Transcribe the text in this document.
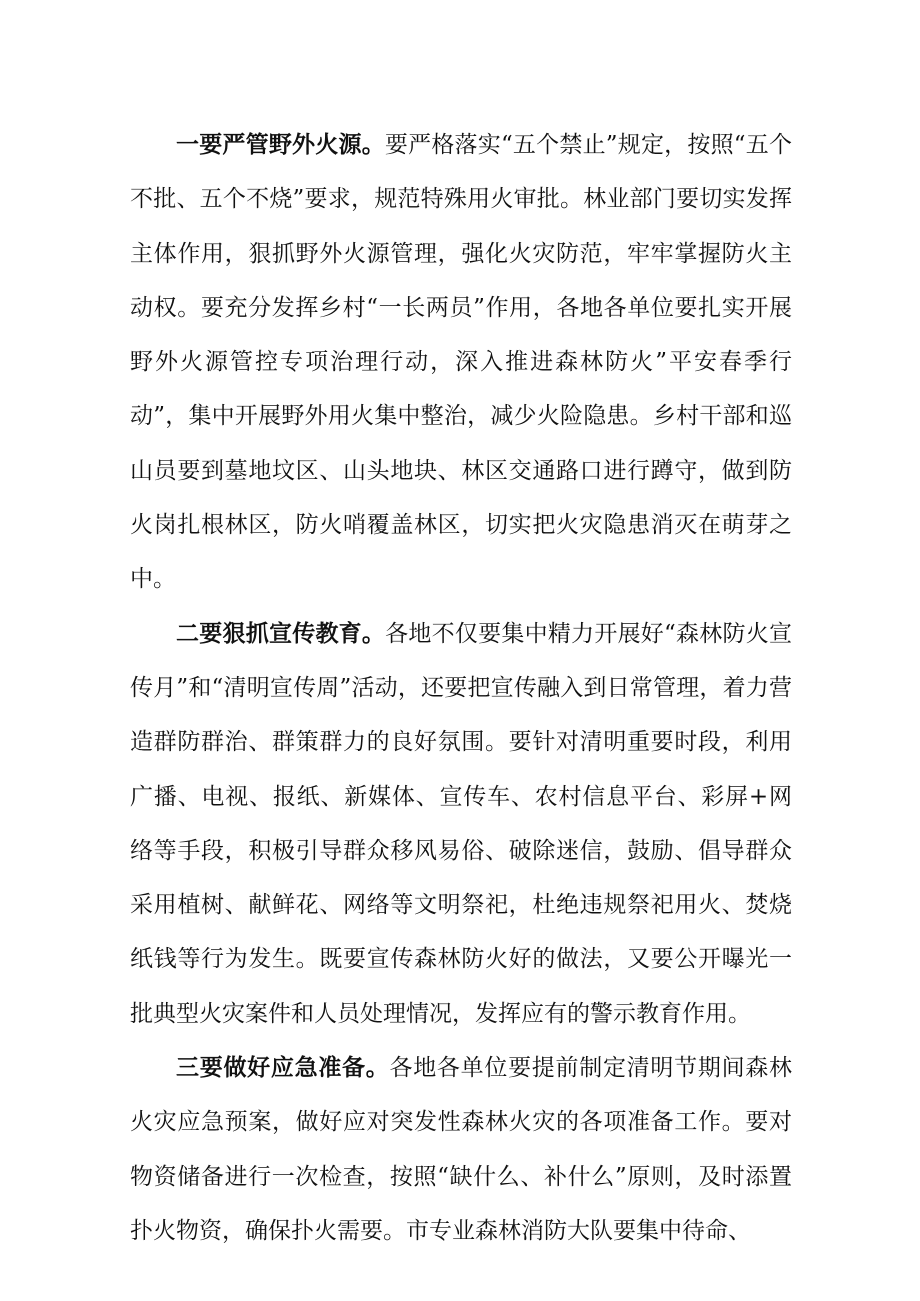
一要严管野外火源。要严格落实“五个禁止”规定，按照“五个不批、五个不烧”要求，规范特殊用火审批。林业部门要切实发挥主体作用，狠抓野外火源管理，强化火灾防范，牢牢掌握防火主动权。要充分发挥乡村“一长两员”作用，各地各单位要扎实开展野外火源管控专项治理行动，深入推进森林防火”平安春季行动”，集中开展野外用火集中整治，减少火险隐患。乡村干部和巡山员要到墓地坟区、山头地块、林区交通路口进行蹲守，做到防火岗扎根林区，防火哨覆盖林区，切实把火灾隐患消灭在萌芽之中。

二要狠抓宣传教育。各地不仅要集中精力开展好“森林防火宣传月”和“清明宣传周”活动，还要把宣传融入到日常管理，着力营造群防群治、群策群力的良好氛围。要针对清明重要时段，利用广播、电视、报纸、新媒体、宣传车、农村信息平台、彩屏+网络等手段，积极引导群众移风易俗、破除迷信，鼓励、倡导群众采用植树、献鲜花、网络等文明祭祀，杜绝违规祭祀用火、焚烧纸钱等行为发生。既要宣传森林防火好的做法，又要公开曝光一批典型火灾案件和人员处理情况，发挥应有的警示教育作用。

三要做好应急准备。各地各单位要提前制定清明节期间森林火灾应急预案，做好应对突发性森林火灾的各项准备工作。要对物资储备进行一次检查，按照“缺什么、补什么”原则，及时添置扑火物资，确保扑火需要。市专业森林消防大队要集中待命、
